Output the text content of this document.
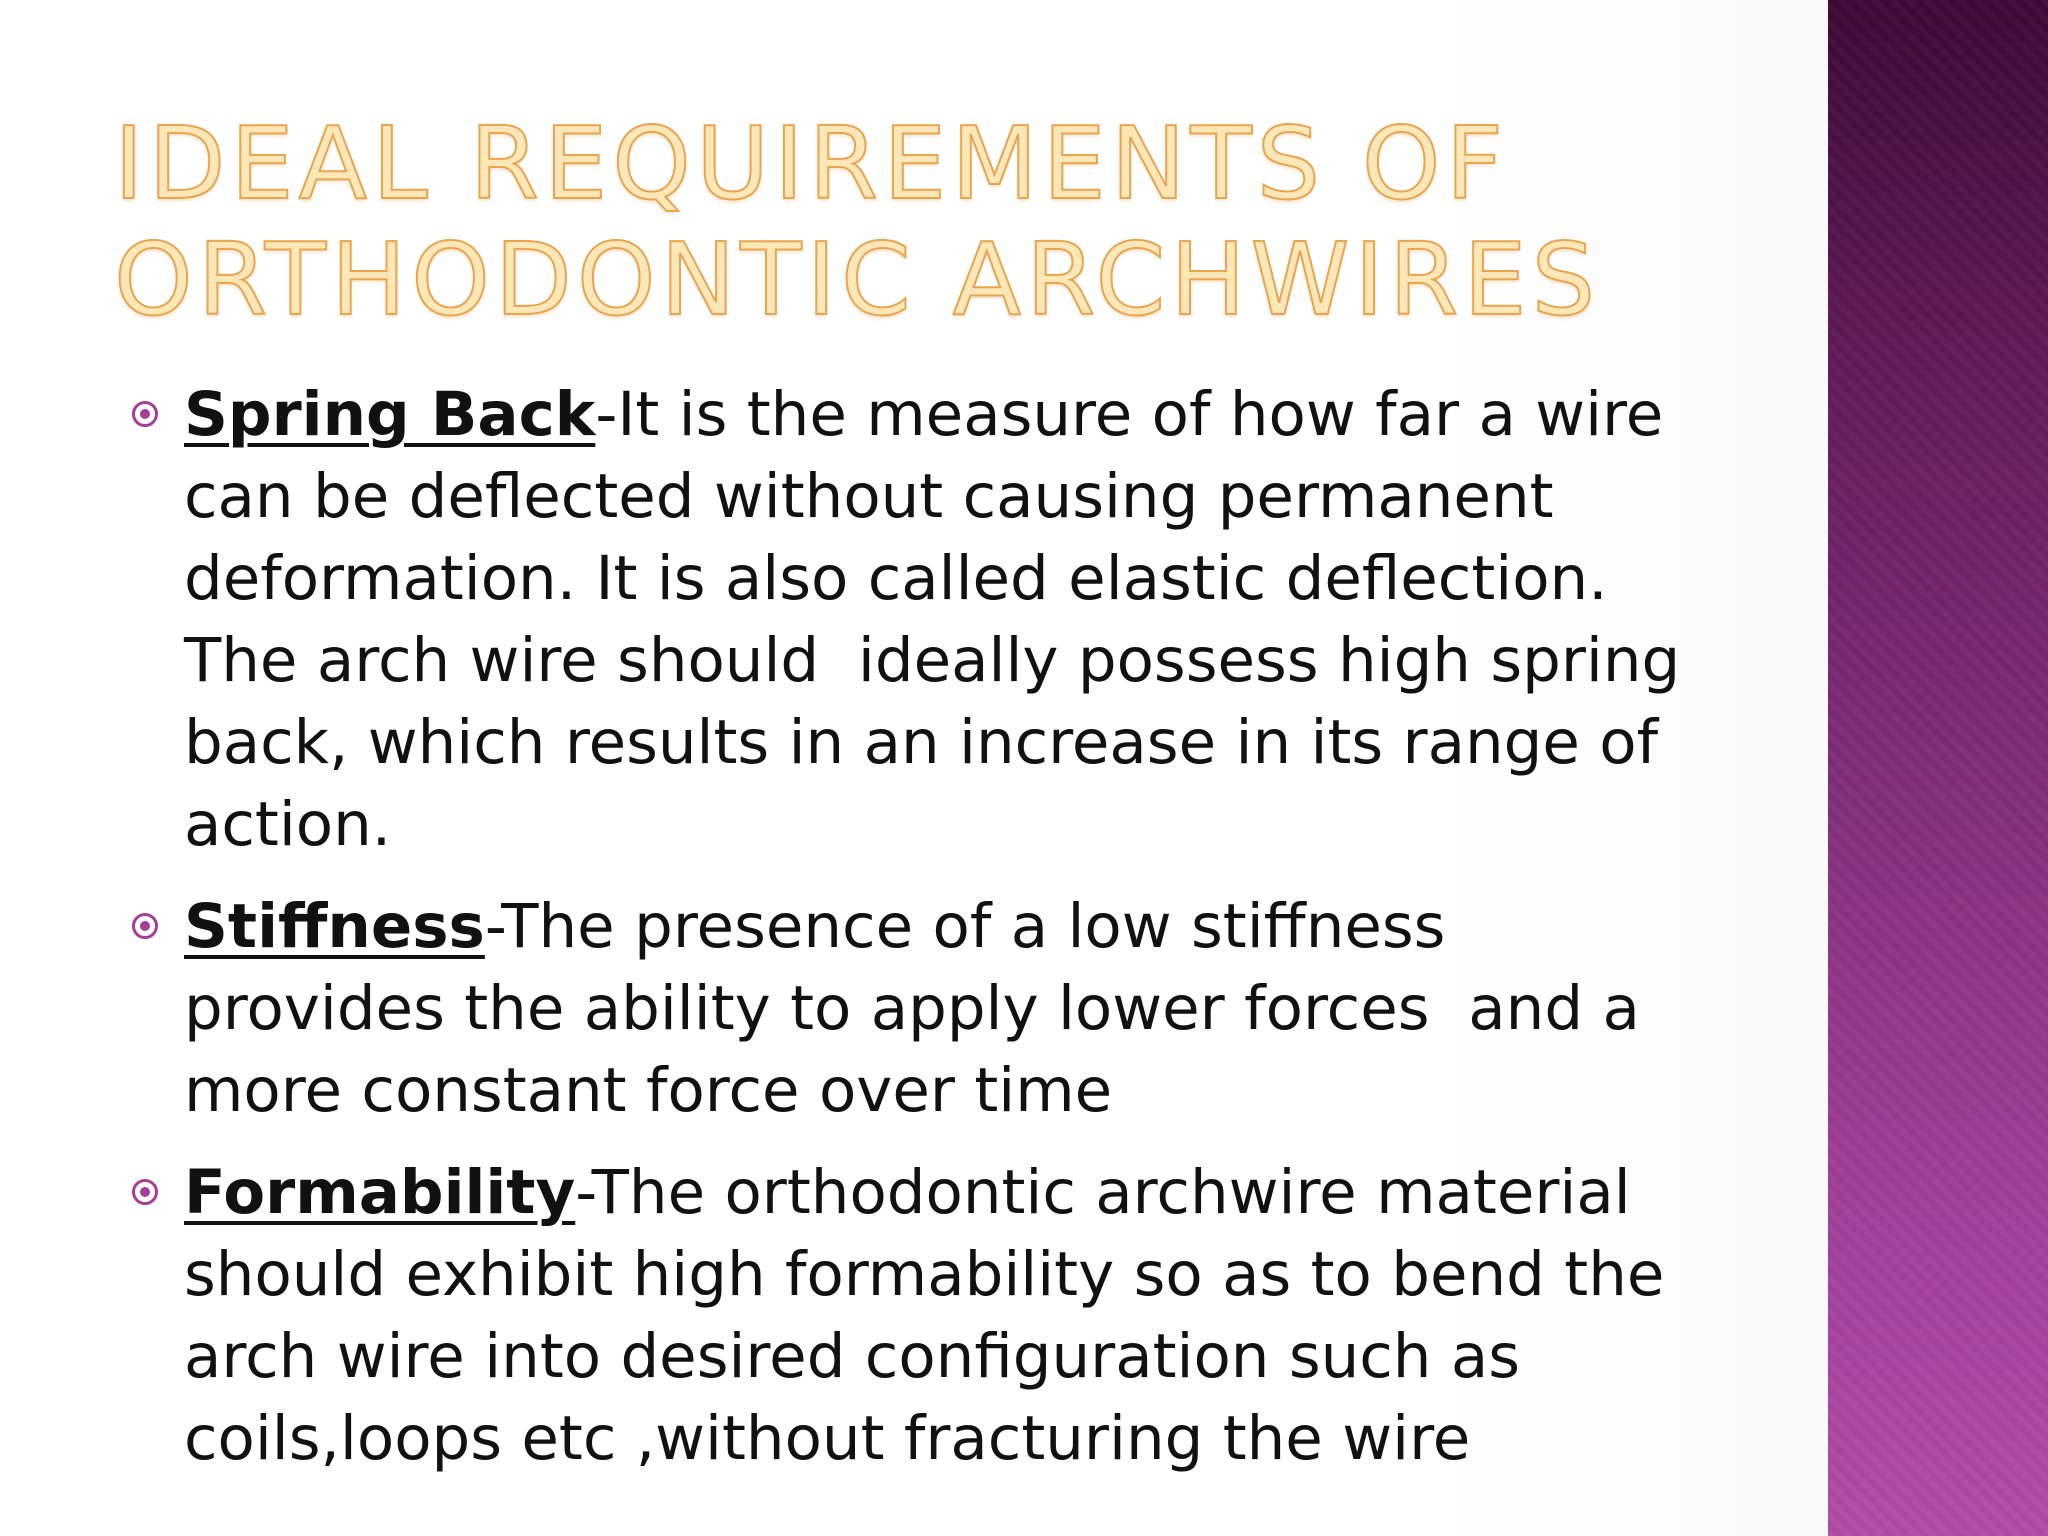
IDEAL REQUIREMENTS OF
ORTHODONTIC ARCHWIRES
Spring Back-It is the measure of how far a wire can be deflected without causing permanent deformation. It is also called elastic deflection. The arch wire should  ideally possess high spring back, which results in an increase in its range of action.
Stiffness-The presence of a low stiffness provides the ability to apply lower forces  and a more constant force over time
Formability-The orthodontic archwire material should exhibit high formability so as to bend the arch wire into desired configuration such as coils,loops etc ,without fracturing the wire
